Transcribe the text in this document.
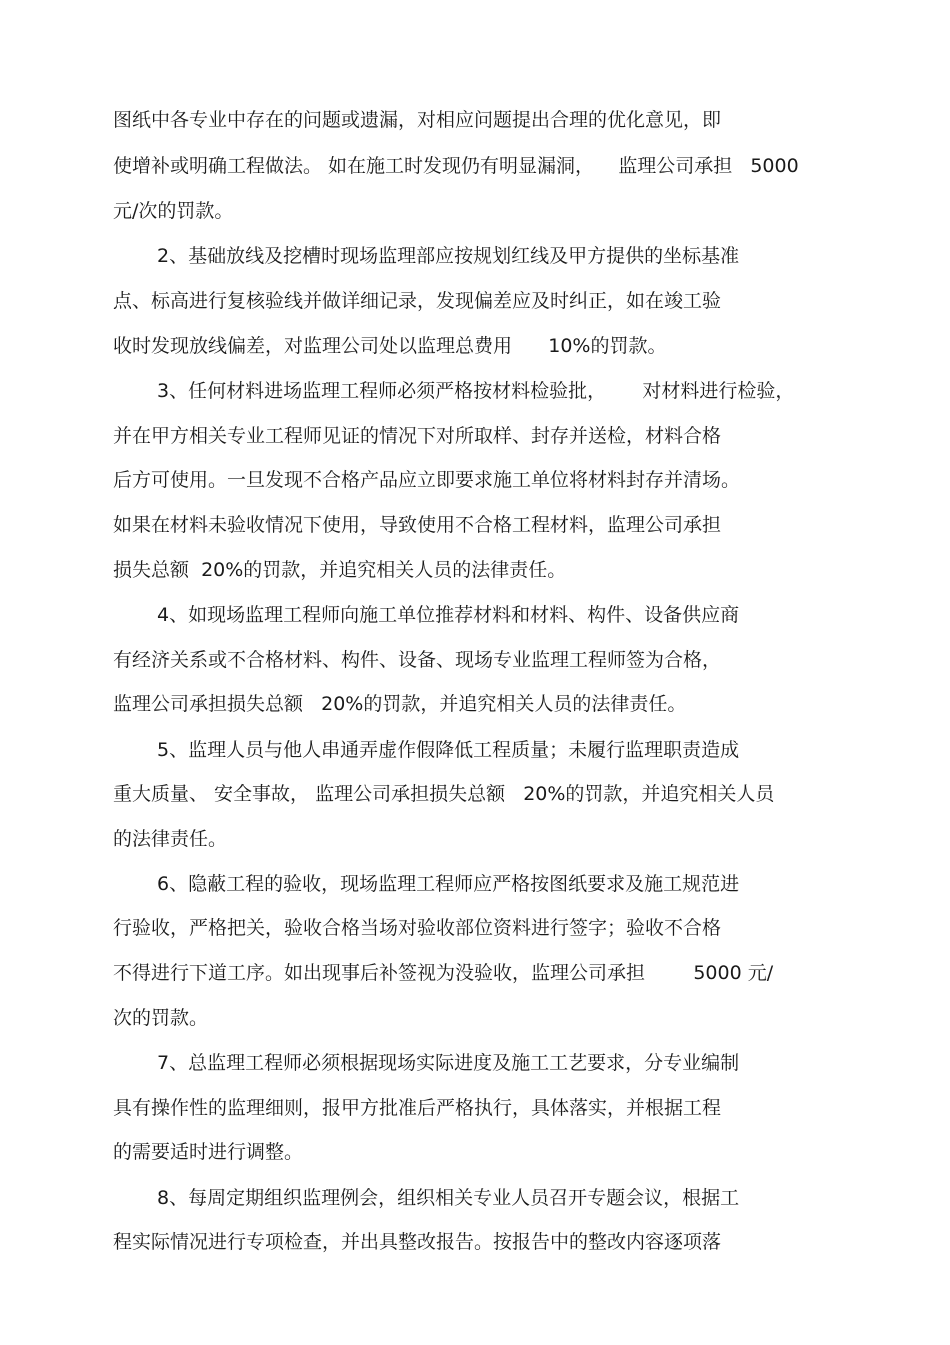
图纸中各专业中存在的问题或遗漏，对相应问题提出合理的优化意见，即
使增补或明确工程做法。 如在施工时发现仍有明显漏洞，    监理公司承担   5000
元/次的罚款。
2、基础放线及挖槽时现场监理部应按规划红线及甲方提供的坐标基准
点、标高进行复核验线并做详细记录，发现偏差应及时纠正，如在竣工验
收时发现放线偏差，对监理公司处以监理总费用      10%的罚款。
3、任何材料进场监理工程师必须严格按材料检验批，      对材料进行检验，
并在甲方相关专业工程师见证的情况下对所取样、封存并送检，材料合格
后方可使用。一旦发现不合格产品应立即要求施工单位将材料封存并清场。
如果在材料未验收情况下使用，导致使用不合格工程材料，监理公司承担
损失总额  20%的罚款，并追究相关人员的法律责任。
4、如现场监理工程师向施工单位推荐材料和材料、构件、设备供应商
有经济关系或不合格材料、构件、设备、现场专业监理工程师签为合格，
监理公司承担损失总额   20%的罚款，并追究相关人员的法律责任。
5、监理人员与他人串通弄虚作假降低工程质量；未履行监理职责造成
重大质量、 安全事故， 监理公司承担损失总额   20%的罚款，并追究相关人员
的法律责任。
6、隐蔽工程的验收，现场监理工程师应严格按图纸要求及施工规范进
行验收，严格把关，验收合格当场对验收部位资料进行签字；验收不合格
不得进行下道工序。如出现事后补签视为没验收，监理公司承担        5000 元/
次的罚款。
7、总监理工程师必须根据现场实际进度及施工工艺要求，分专业编制
具有操作性的监理细则，报甲方批准后严格执行，具体落实，并根据工程
的需要适时进行调整。
8、每周定期组织监理例会，组织相关专业人员召开专题会议，根据工
程实际情况进行专项检查，并出具整改报告。按报告中的整改内容逐项落
